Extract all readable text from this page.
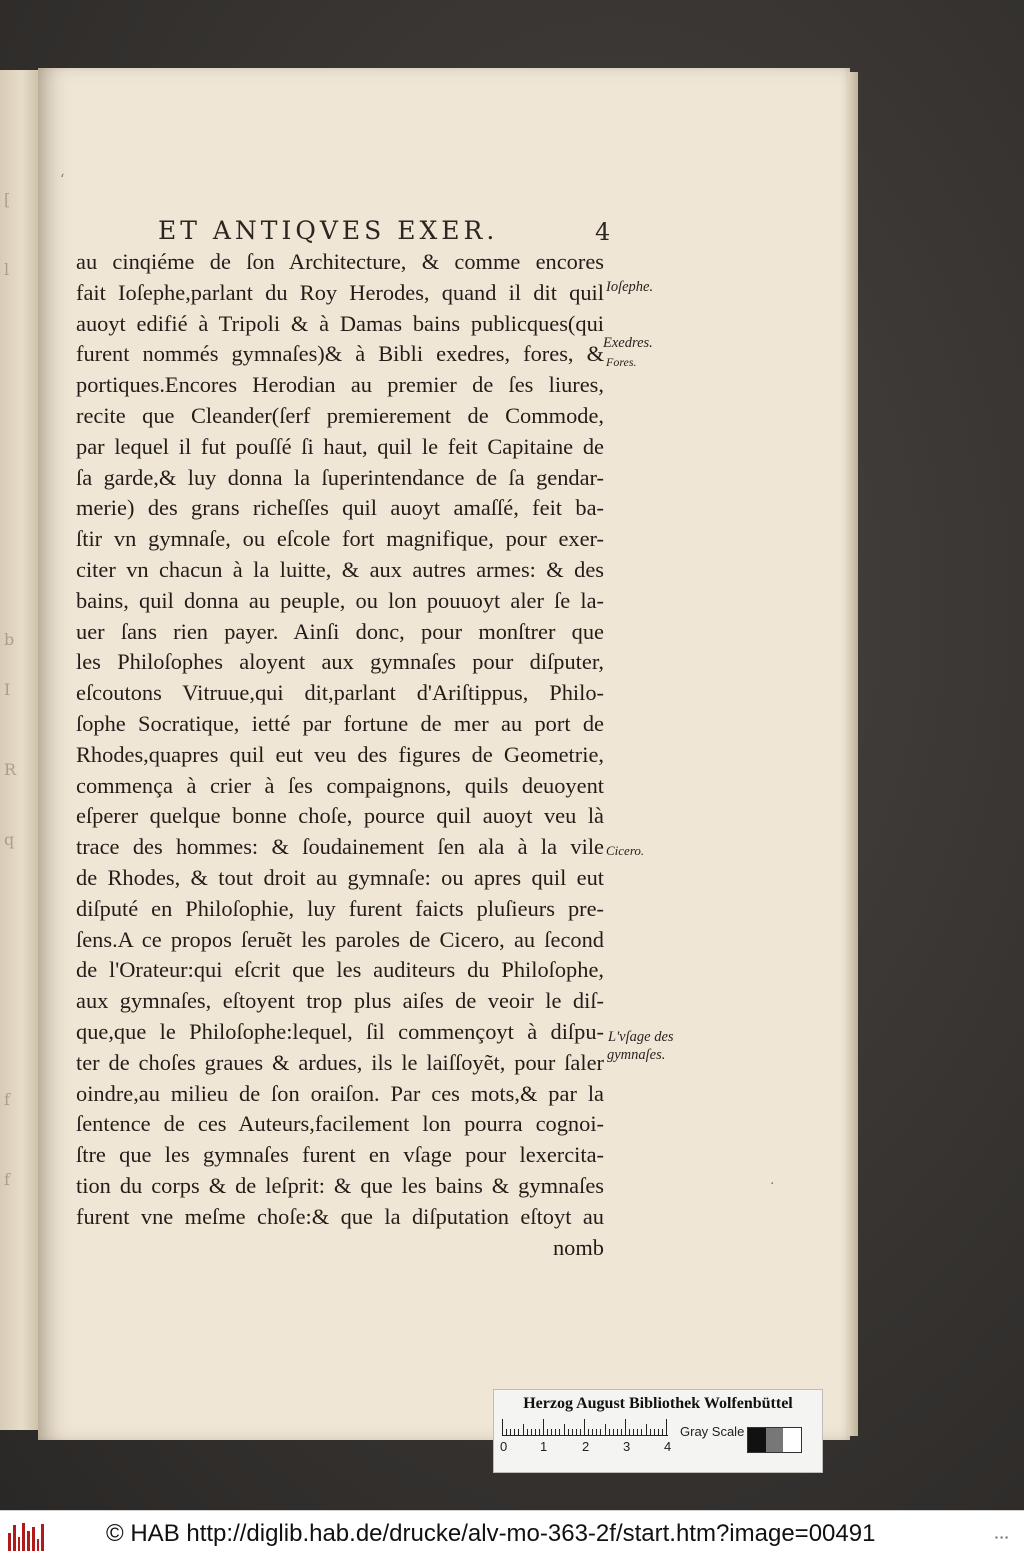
[
l
b
I
R
q
f
f
ET ANTIQVES EXER.	4
au cinqiéme de ſon Architecture, & comme encores
fait Ioſephe,parlant du Roy Herodes, quand il dit quil
auoyt edifié à Tripoli & à Damas bains publicques(qui
furent nommés gymnaſes)& à Bibli exedres, fores, &
portiques.Encores Herodian au premier de ſes liures,
recite que Cleander(ſerf premierement de Commode,
par lequel il fut pouſſé ſi haut, quil le feit Capitaine de
ſa garde,& luy donna la ſuperintendance de ſa gendar-
merie) des grans richeſſes quil auoyt amaſſé, feit ba-
ſtir vn gymnaſe, ou eſcole fort magnifique, pour exer-
citer vn chacun à la luitte, & aux autres armes: & des
bains, quil donna au peuple, ou lon pouuoyt aler ſe la-
uer ſans rien payer. Ainſi donc, pour monſtrer que
les Philoſophes aloyent aux gymnaſes pour diſputer,
eſcoutons Vitruue,qui dit,parlant d'Ariſtippus, Philo-
ſophe Socratique, ietté par fortune de mer au port de
Rhodes,quapres quil eut veu des figures de Geometrie,
commença à crier à ſes compaignons, quils deuoyent
eſperer quelque bonne choſe, pource quil auoyt veu là
trace des hommes: & ſoudainement ſen ala à la vile
de Rhodes, & tout droit au gymnaſe: ou apres quil eut
diſputé en Philoſophie, luy furent faicts pluſieurs pre-
ſens.A ce propos ſeruẽt les paroles de Cicero, au ſecond
de l'Orateur:qui eſcrit que les auditeurs du Philoſophe,
aux gymnaſes, eſtoyent trop plus aiſes de veoir le diſ-
que,que le Philoſophe:lequel, ſil commençoyt à diſpu-
ter de choſes graues & ardues, ils le laiſſoyẽt, pour ſaler
oindre,au milieu de ſon oraiſon. Par ces mots,& par la
ſentence de ces Auteurs,facilement lon pourra cognoi-
ſtre que les gymnaſes furent en vſage pour lexercita-
tion du corps & de leſprit: & que les bains & gymnaſes
furent vne meſme choſe:& que la diſputation eſtoyt au
nomb
Ioſephe.
Exedres.
Fores.
Cicero.
L'vſage des
gymnaſes.
ʻ
·
Herzog August Bibliothek Wolfenbüttel
0	1	2	3	4
Gray Scale
© HAB http://diglib.hab.de/drucke/alv-mo-363-2f/start.htm?image=00491	▪ ▪ ▪
